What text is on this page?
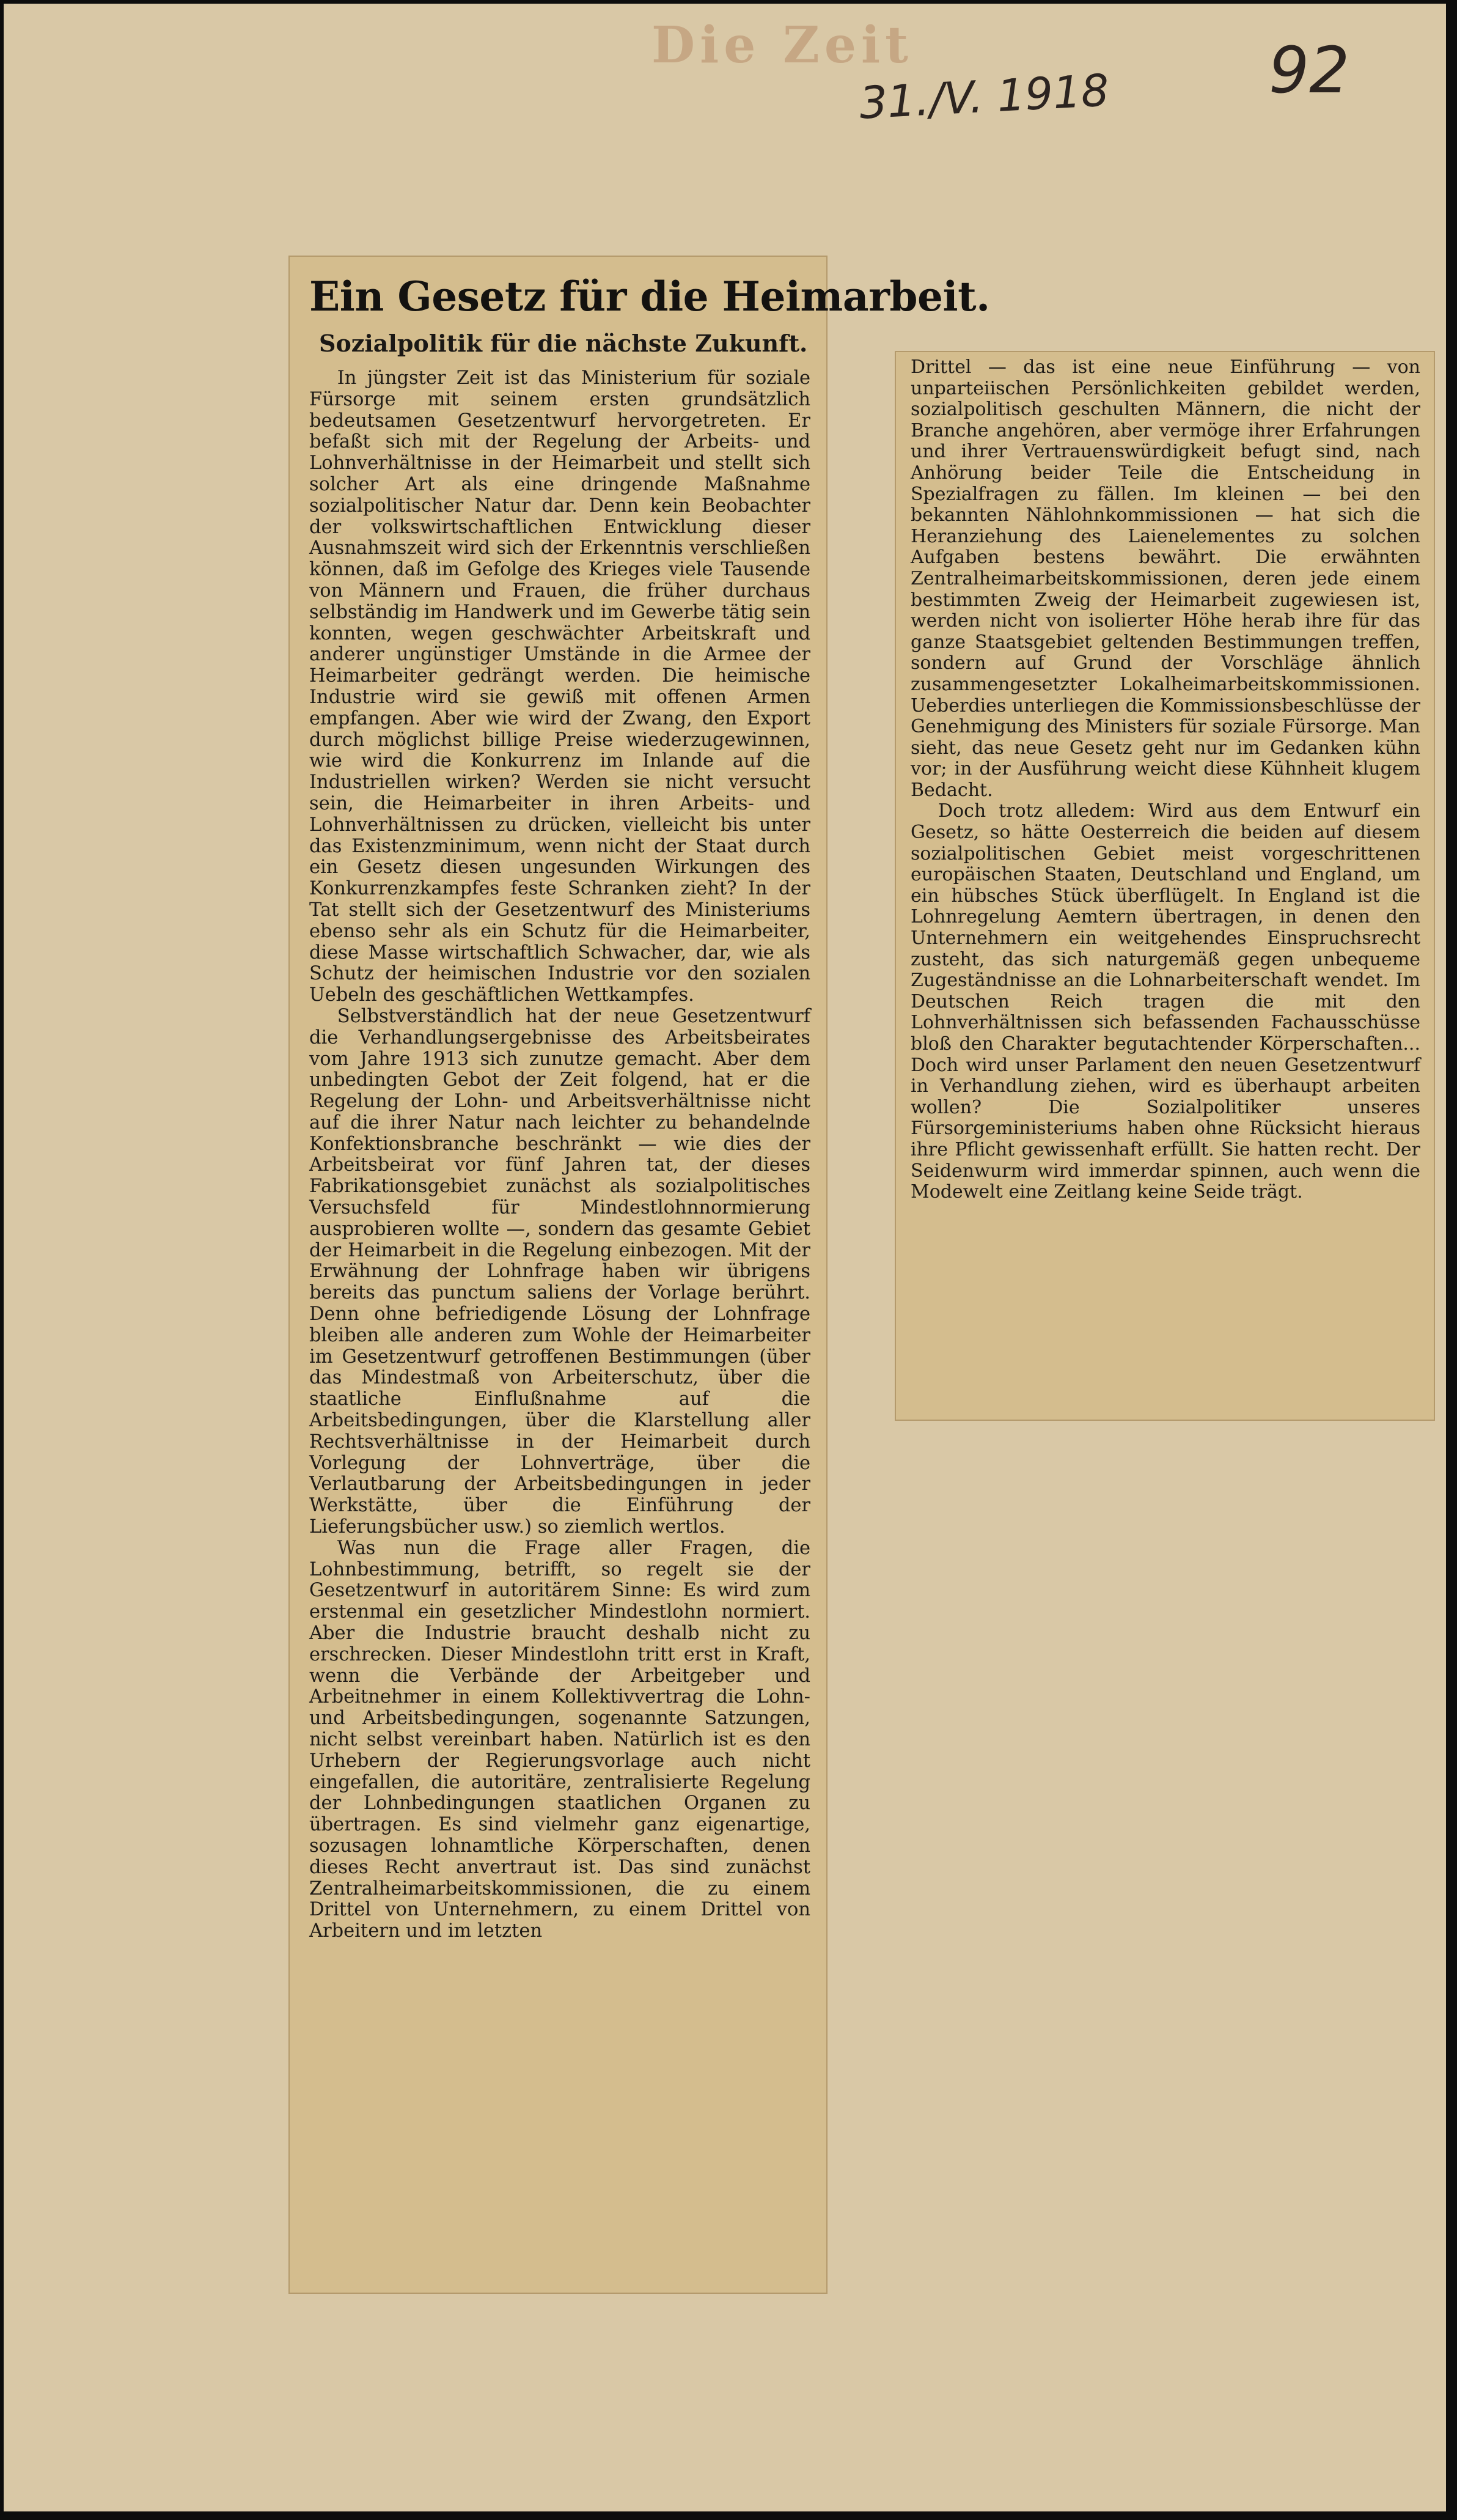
Die Zeit
31./V. 1918 92
Ein Gesetz für die Heimarbeit.
Sozialpolitik für die nächste Zukunft.

In jüngster Zeit ist das Ministerium für soziale Fürsorge mit seinem ersten grundsätzlich bedeutsamen Gesetzentwurf hervorgetreten. Er befaßt sich mit der Regelung der Arbeits- und Lohnverhältnisse in der Heimarbeit und stellt sich solcher Art als eine dringende Maßnahme sozialpolitischer Natur dar. Denn kein Beobachter der volkswirtschaftlichen Entwicklung dieser Ausnahmszeit wird sich der Erkenntnis verschließen können, daß im Gefolge des Krieges viele Tausende von Männern und Frauen, die früher durchaus selbständig im Handwerk und im Gewerbe tätig sein konnten, wegen geschwächter Arbeitskraft und anderer ungünstiger Umstände in die Armee der Heimarbeiter gedrängt werden. Die heimische Industrie wird sie gewiß mit offenen Armen empfangen. Aber wie wird der Zwang, den Export durch möglichst billige Preise wiederzugewinnen, wie wird die Konkurrenz im Inlande auf die Industriellen wirken? Werden sie nicht versucht sein, die Heimarbeiter in ihren Arbeits- und Lohnverhältnissen zu drücken, vielleicht bis unter das Existenzminimum, wenn nicht der Staat durch ein Gesetz diesen ungesunden Wirkungen des Konkurrenzkampfes feste Schranken zieht? In der Tat stellt sich der Gesetzentwurf des Ministeriums ebenso sehr als ein Schutz für die Heimarbeiter, diese Masse wirtschaftlich Schwacher, dar, wie als Schutz der heimischen Industrie vor den sozialen Uebeln des geschäftlichen Wettkampfes.

Selbstverständlich hat der neue Gesetzentwurf die Verhandlungsergebnisse des Arbeitsbeirates vom Jahre 1913 sich zunutze gemacht. Aber dem unbedingten Gebot der Zeit folgend, hat er die Regelung der Lohn- und Arbeitsverhältnisse nicht auf die ihrer Natur nach leichter zu behandelnde Konfektionsbranche beschränkt — wie dies der Arbeitsbeirat vor fünf Jahren tat, der dieses Fabrikationsgebiet zunächst als sozialpolitisches Versuchsfeld für Mindestlohnnormierung ausprobieren wollte —, sondern das gesamte Gebiet der Heimarbeit in die Regelung einbezogen. Mit der Erwähnung der Lohnfrage haben wir übrigens bereits das punctum saliens der Vorlage berührt. Denn ohne befriedigende Lösung der Lohnfrage bleiben alle anderen zum Wohle der Heimarbeiter im Gesetzentwurf getroffenen Bestimmungen (über das Mindestmaß von Arbeiterschutz, über die staatliche Einflußnahme auf die Arbeitsbedingungen, über die Klarstellung aller Rechtsverhältnisse in der Heimarbeit durch Vorlegung der Lohnverträge, über die Verlautbarung der Arbeitsbedingungen in jeder Werkstätte, über die Einführung der Lieferungsbücher usw.) so ziemlich wertlos.

Was nun die Frage aller Fragen, die Lohnbestimmung, betrifft, so regelt sie der Gesetzentwurf in autoritärem Sinne: Es wird zum erstenmal ein gesetzlicher Mindestlohn normiert. Aber die Industrie braucht deshalb nicht zu erschrecken. Dieser Mindestlohn tritt erst in Kraft, wenn die Verbände der Arbeitgeber und Arbeitnehmer in einem Kollektivvertrag die Lohn- und Arbeitsbedingungen, sogenannte Satzungen, nicht selbst vereinbart haben. Natürlich ist es den Urhebern der Regierungsvorlage auch nicht eingefallen, die autoritäre, zentralisierte Regelung der Lohnbedingungen staatlichen Organen zu übertragen. Es sind vielmehr ganz eigenartige, sozusagen lohnamtliche Körperschaften, denen dieses Recht anvertraut ist. Das sind zunächst Zentralheimarbeitskommissionen, die zu einem Drittel von Unternehmern, zu einem Drittel von Arbeitern und im letzten

Drittel — das ist eine neue Einführung — von unparteiischen Persönlichkeiten gebildet werden, sozialpolitisch geschulten Männern, die nicht der Branche angehören, aber vermöge ihrer Erfahrungen und ihrer Vertrauenswürdigkeit befugt sind, nach Anhörung beider Teile die Entscheidung in Spezialfragen zu fällen. Im kleinen — bei den bekannten Nählohnkommissionen — hat sich die Heranziehung des Laienelementes zu solchen Aufgaben bestens bewährt. Die erwähnten Zentralheimarbeitskommissionen, deren jede einem bestimmten Zweig der Heimarbeit zugewiesen ist, werden nicht von isolierter Höhe herab ihre für das ganze Staatsgebiet geltenden Bestimmungen treffen, sondern auf Grund der Vorschläge ähnlich zusammengesetzter Lokalheimarbeitskommissionen. Ueberdies unterliegen die Kommissionsbeschlüsse der Genehmigung des Ministers für soziale Fürsorge. Man sieht, das neue Gesetz geht nur im Gedanken kühn vor; in der Ausführung weicht diese Kühnheit klugem Bedacht.

Doch trotz alledem: Wird aus dem Entwurf ein Gesetz, so hätte Oesterreich die beiden auf diesem sozialpolitischen Gebiet meist vorgeschrittenen europäischen Staaten, Deutschland und England, um ein hübsches Stück überflügelt. In England ist die Lohnregelung Aemtern übertragen, in denen den Unternehmern ein weitgehendes Einspruchsrecht zusteht, das sich naturgemäß gegen unbequeme Zugeständnisse an die Lohnarbeiterschaft wendet. Im Deutschen Reich tragen die mit den Lohnverhältnissen sich befassenden Fachausschüsse bloß den Charakter begutachtender Körperschaften... Doch wird unser Parlament den neuen Gesetzentwurf in Verhandlung ziehen, wird es überhaupt arbeiten wollen? Die Sozialpolitiker unseres Fürsorgeministeriums haben ohne Rücksicht hieraus ihre Pflicht gewissenhaft erfüllt. Sie hatten recht. Der Seidenwurm wird immerdar spinnen, auch wenn die Modewelt eine Zeitlang keine Seide trägt.
